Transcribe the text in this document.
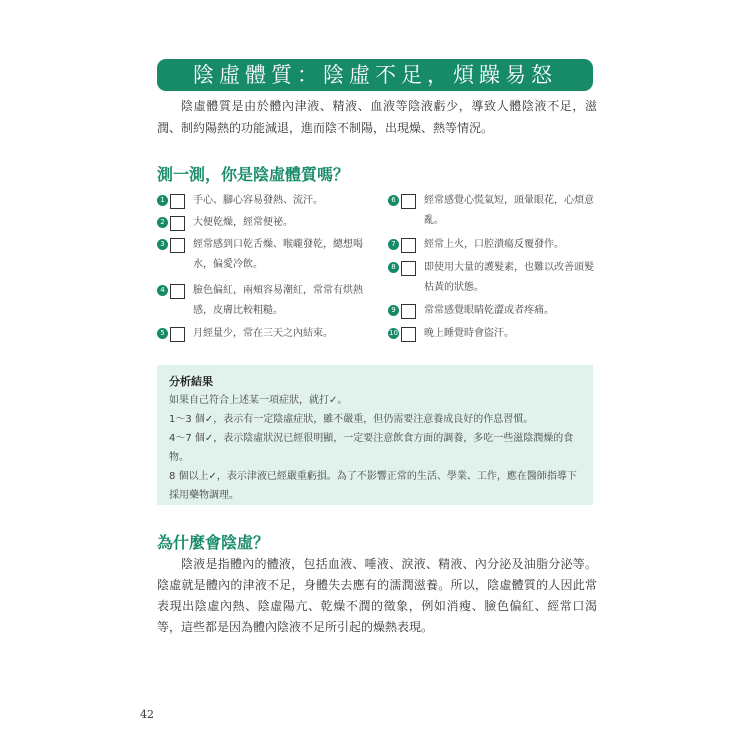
陰虛體質：陰虛不足，煩躁易怒
陰虛體質是由於體內津液、精液、血液等陰液虧少，導致人體陰液不足，滋潤、制約陽熱的功能減退，進而陰不制陽，出現燥、熱等情況。
測一測，你是陰虛體質嗎？
1	手心、腳心容易發熱、流汗。
2	大便乾燥，經常便祕。
3	經常感到口乾舌燥、喉嚨發乾，總想喝水，偏愛冷飲。
4	臉色偏紅，兩頰容易潮紅，常常有烘熱感，皮膚比較粗糙。
5	月經量少，常在三天之內結束。
6	經常感覺心慌氣短，頭暈眼花，心煩意亂。
7	經常上火，口腔潰瘍反覆發作。
8	即使用大量的護髮素，也難以改善頭髮枯黃的狀態。
9	常常感覺眼睛乾澀或者疼痛。
10	晚上睡覺時會盜汗。
分析結果
如果自己符合上述某一項症狀，就打✓。
1～3 個✓，表示有一定陰虛症狀，雖不嚴重，但仍需要注意養成良好的作息習慣。
4～7 個✓，表示陰虛狀況已經很明顯，一定要注意飲食方面的調養，多吃一些滋陰潤燥的食物。
8 個以上✓，表示津液已經嚴重虧損。為了不影響正常的生活、學業、工作，應在醫師指導下採用藥物調理。
為什麼會陰虛？
陰液是指體內的體液，包括血液、唾液、淚液、精液、內分泌及油脂分泌等。陰虛就是體內的津液不足，身體失去應有的濡潤滋養。所以，陰虛體質的人因此常表現出陰虛內熱、陰虛陽亢、乾燥不潤的徵象，例如消瘦、臉色偏紅、經常口渴等，這些都是因為體內陰液不足所引起的燥熱表現。
42
